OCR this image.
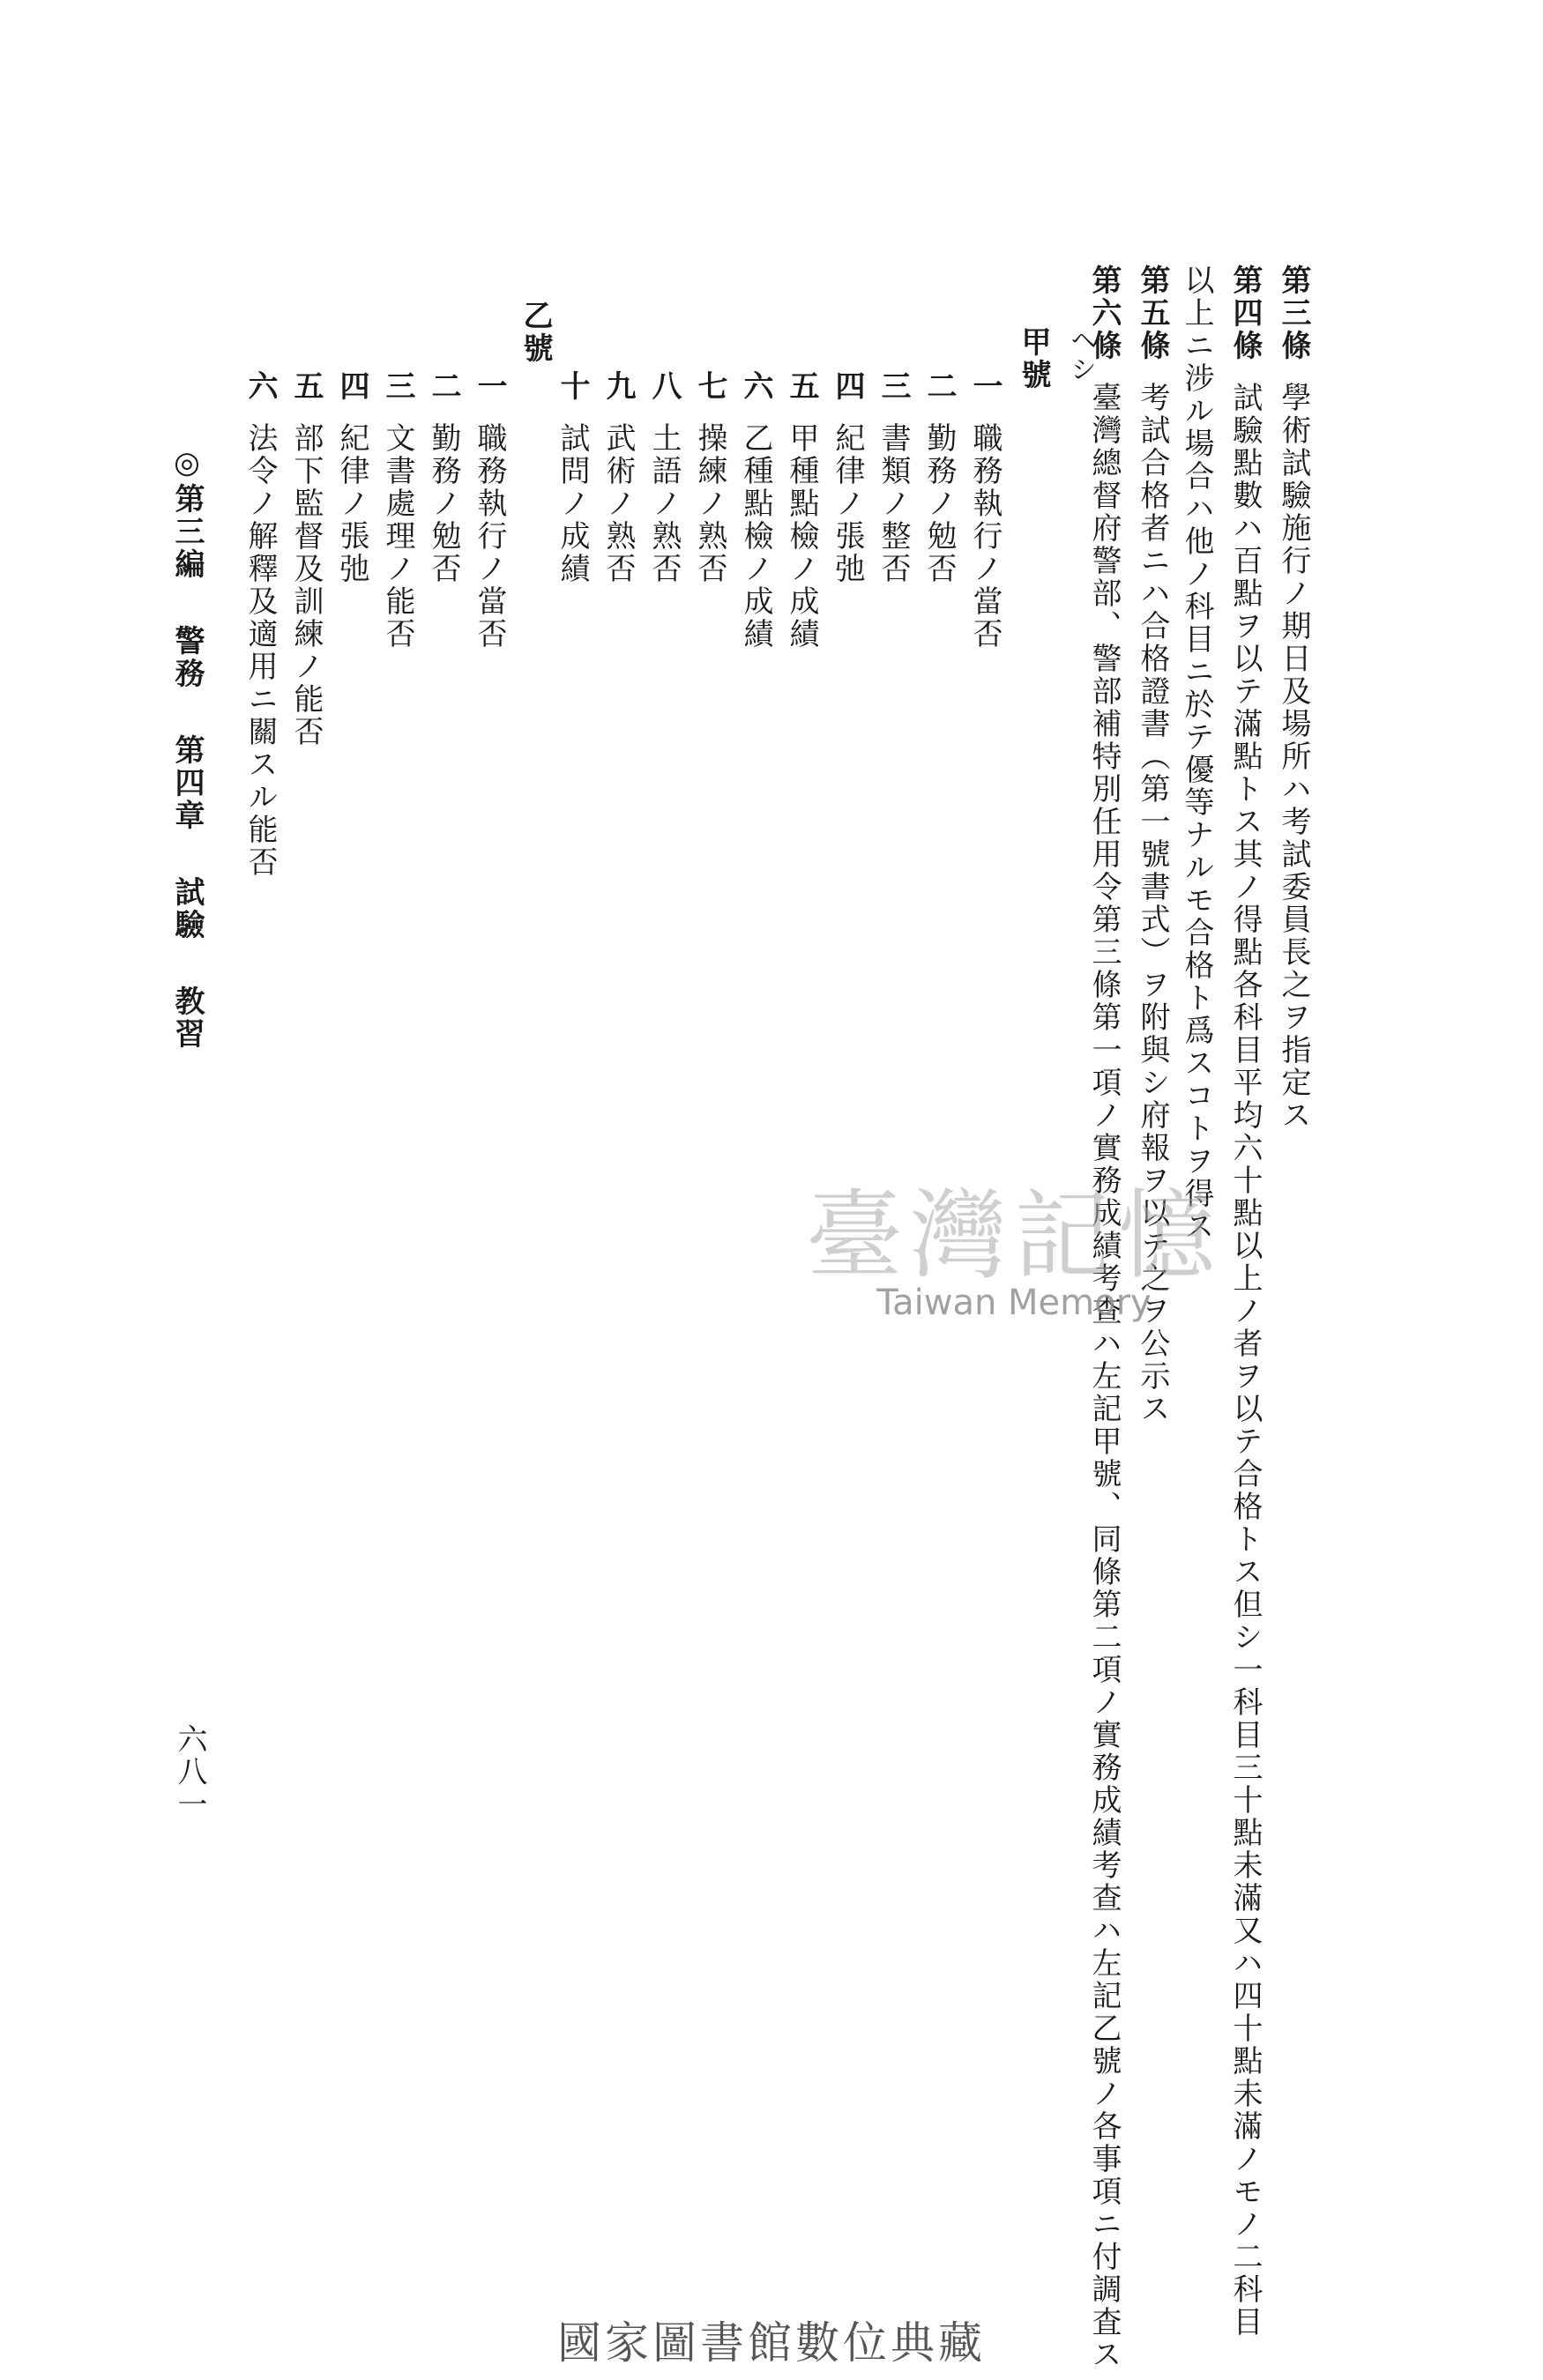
第三條學術試驗施行ノ期日及場所ハ考試委員長之ヲ指定ス
第四條試驗點數ハ百點ヲ以テ滿點トス其ノ得點各科目平均六十點以上ノ者ヲ以テ合格トス但シ一科目三十點未滿又ハ四十點未滿ノモノ二科目
以上ニ涉ル場合ハ他ノ科目ニ於テ優等ナルモ合格ト爲スコトヲ得ス
第五條考試合格者ニハ合格證書（第一號書式）ヲ附與シ府報ヲ以テ之ヲ公示ス
第六條臺灣總督府警部、警部補特別任用令第三條第一項ノ實務成績考查ハ左記甲號、同條第二項ノ實務成績考查ハ左記乙號ノ各事項ニ付調査ス
ヘシ
甲號
一職務執行ノ當否
二勤務ノ勉否
三書類ノ整否
四紀律ノ張弛
五甲種點檢ノ成績
六乙種點檢ノ成績
七操練ノ熟否
八土語ノ熟否
九武術ノ熟否
十試問ノ成績
乙號
一職務執行ノ當否
二勤務ノ勉否
三文書處理ノ能否
四紀律ノ張弛
五部下監督及訓練ノ能否
六法令ノ解釋及適用ニ關スル能否
◎第三編警務第四章試驗教習
六八一
臺灣記憶
Taiwan Memory
國家圖書館數位典藏
